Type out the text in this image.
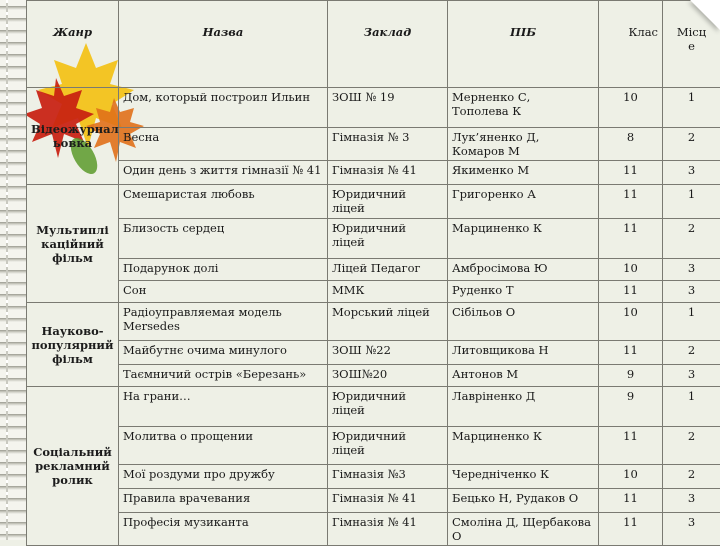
Жанр	Назва	Заклад	ПІБ	Клас	Місц
е
Відеожурнал
ьовка	Дом, который построил Ильин	ЗОШ № 19	Мерненко С,
Тополева К	10	1
	Весна	Гімназія № 3	Лук’яненко Д, Комаров М	8	2
	Один день з життя гімназії № 41	Гімназія № 41	Якименко М	11	3
Мультиплі
каційний
фільм	Смешаристая любовь	Юридичний
ліцей	Григоренко А	11	1
	Близость сердец	Юридичний
ліцей	Марциненко К	11	2
	Подарунок долі	Ліцей Педагог	Амбросімова Ю	10	3
	Сон	ММК	Руденко Т	11	3
Науково-
популярний
фільм	Радіоуправляемая модель
Mersedes	Морський ліцей	Сібільов О	10	1
	Майбутнє очима минулого	ЗОШ №22	Литовщикова Н	11	2
	Таємничий острів «Березань»	ЗОШ№20	Антонов М	9	3
Соціальний
рекламний
ролик	На грани…	Юридичний
ліцей	Лавріненко Д	9	1
	Молитва о прощении	Юридичний
ліцей	Марциненко К	11	2
	Мої роздуми про дружбу	Гімназія №3	Чередніченко К	10	2
	Правила врачевания	Гімназія № 41	Бецько Н, Рудаков О	11	3
	Професія музиканта	Гімназія № 41	Смоліна Д, Щербакова О	11	3
